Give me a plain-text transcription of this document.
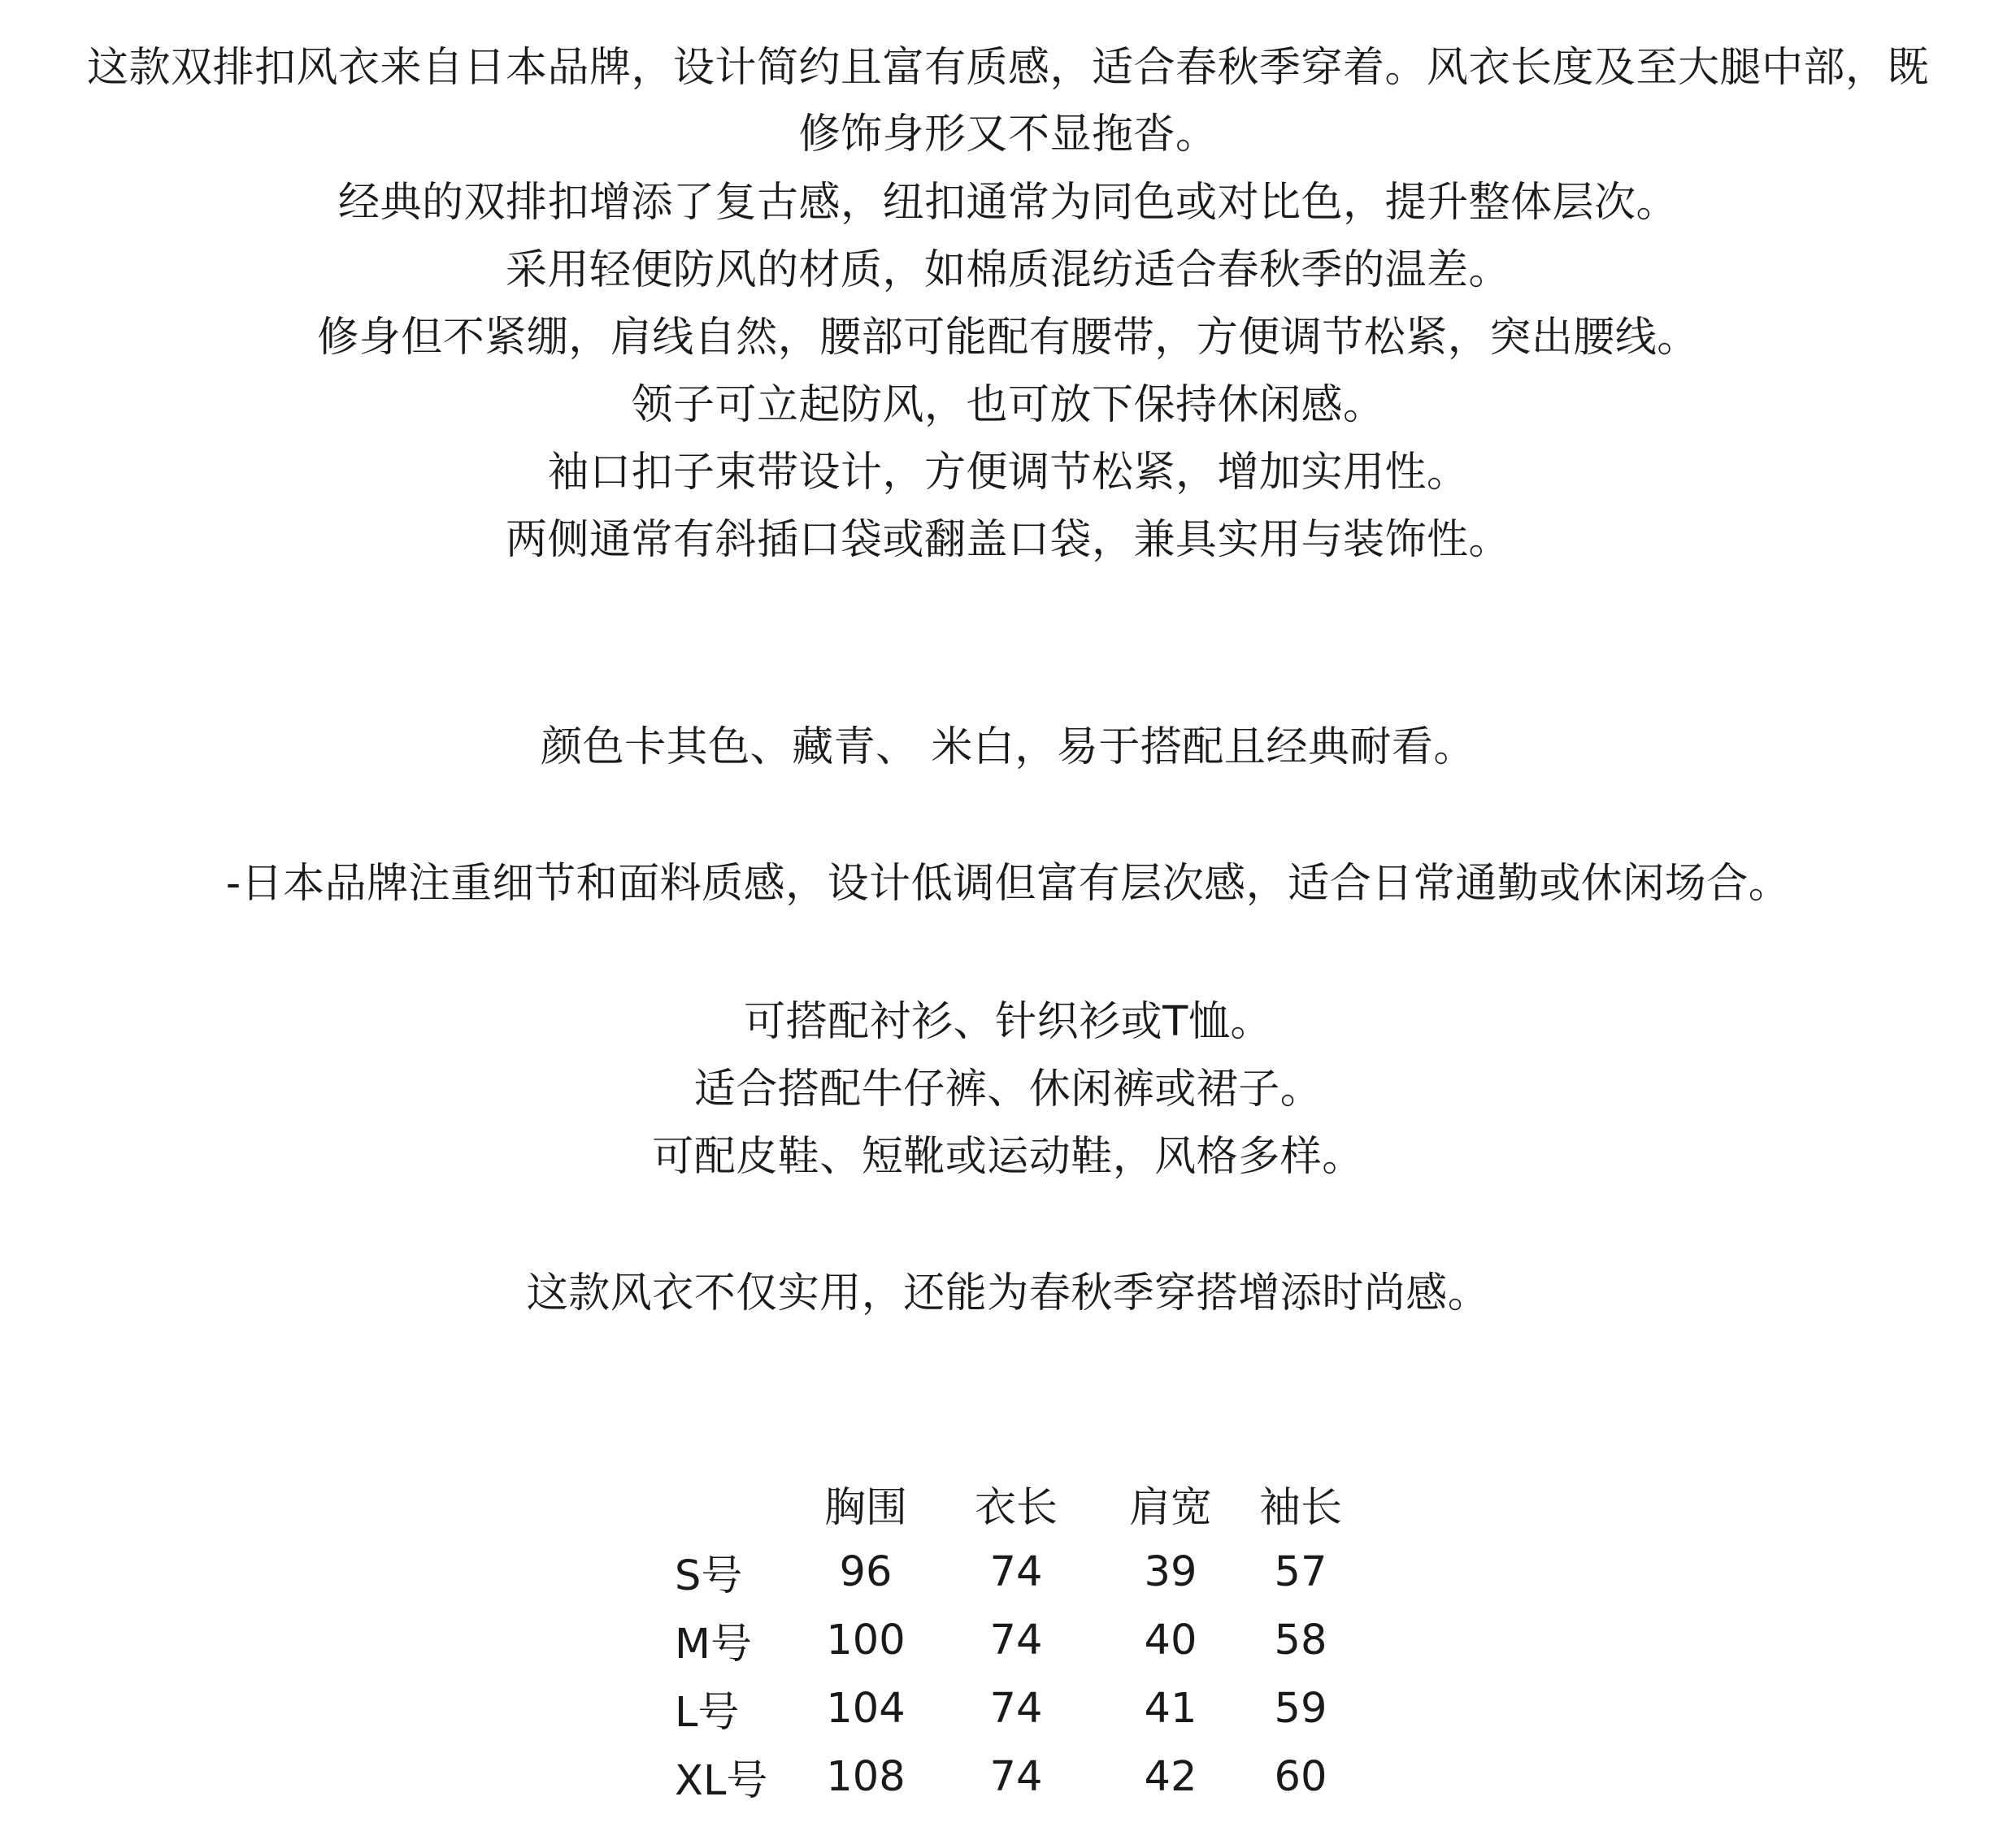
这款双排扣风衣来自日本品牌，设计简约且富有质感，适合春秋季穿着。风衣长度及至大腿中部，既
修饰身形又不显拖沓。
经典的双排扣增添了复古感，纽扣通常为同色或对比色，提升整体层次。
采用轻便防风的材质，如棉质混纺适合春秋季的温差。
修身但不紧绷，肩线自然，腰部可能配有腰带，方便调节松紧，突出腰线。
领子可立起防风，也可放下保持休闲感。
袖口扣子束带设计，方便调节松紧，增加实用性。
两侧通常有斜插口袋或翻盖口袋，兼具实用与装饰性。
颜色卡其色、藏青、 米白，易于搭配且经典耐看。
-日本品牌注重细节和面料质感，设计低调但富有层次感，适合日常通勤或休闲场合。
可搭配衬衫、针织衫或T恤。
适合搭配牛仔裤、休闲裤或裙子。
可配皮鞋、短靴或运动鞋，风格多样。
这款风衣不仅实用，还能为春秋季穿搭增添时尚感。
	胸围	衣长	肩宽	袖长
S号	96	74	39	57
M号	100	74	40	58
L号	104	74	41	59
XL号	108	74	42	60
